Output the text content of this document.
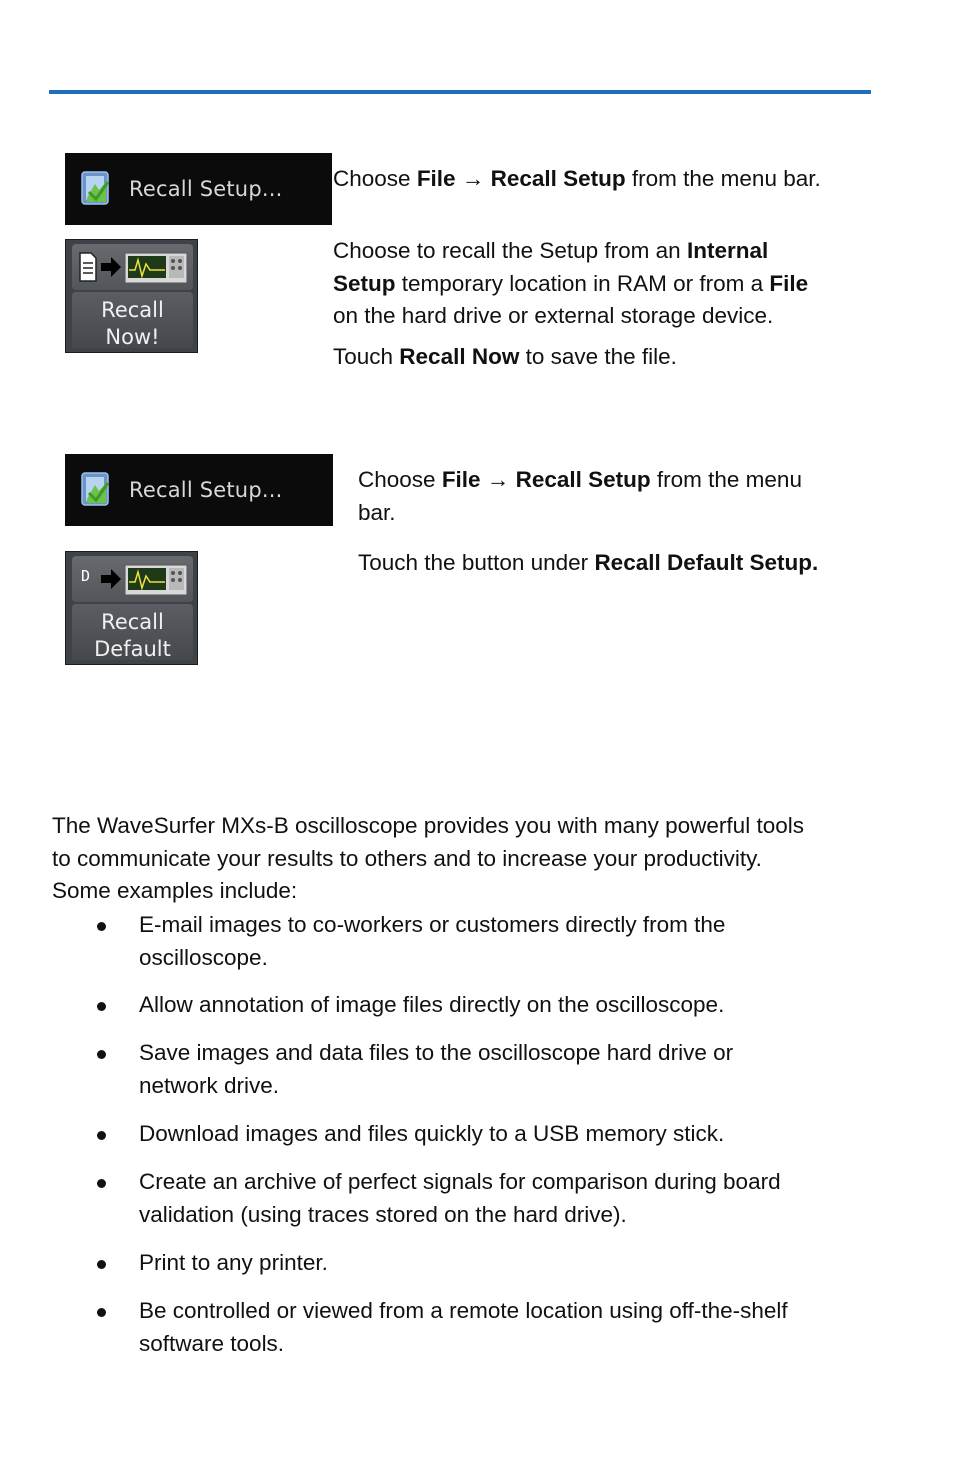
Recall Setup...
Recall
Now!
Choose File → Recall Setup from the menu bar.
Choose to recall the Setup from an Internal
Setup temporary location in RAM or from a File
on the hard drive or external storage device.
Touch Recall Now to save the file.
Recall Setup...
D
Recall
Default
Choose File → Recall Setup from the menu
bar.
Touch the button under Recall Default Setup.
The WaveSurfer MXs-B oscilloscope provides you with many powerful tools
to communicate your results to others and to increase your productivity.
Some examples include:
E-mail images to co-workers or customers directly from the
oscilloscope.
Allow annotation of image files directly on the oscilloscope.
Save images and data files to the oscilloscope hard drive or
network drive.
Download images and files quickly to a USB memory stick.
Create an archive of perfect signals for comparison during board
validation (using traces stored on the hard drive).
Print to any printer.
Be controlled or viewed from a remote location using off-the-shelf
software tools.
